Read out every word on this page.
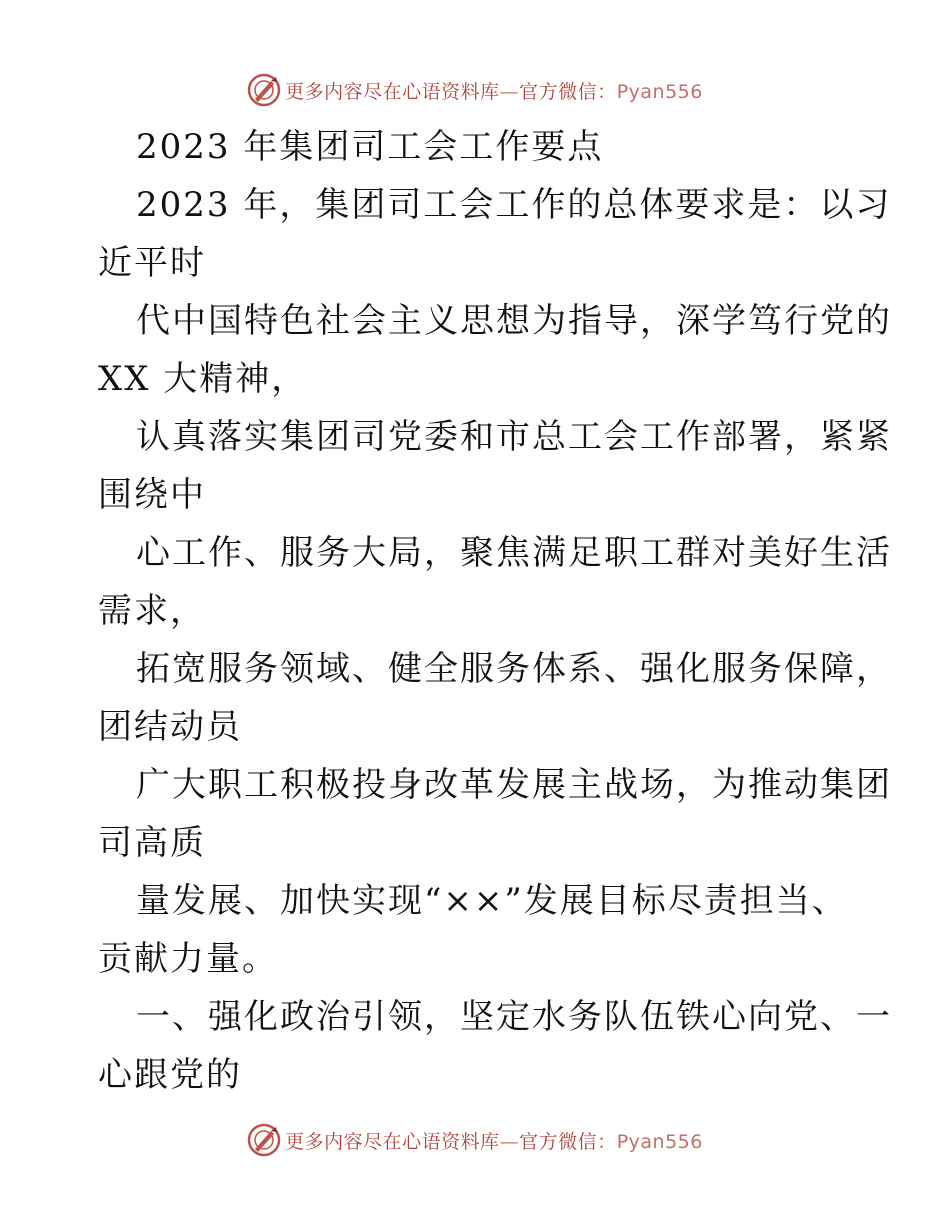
更多内容尽在心语资料库—官方微信：Pyan556
2023 年集团司工会工作要点
2023 年，集团司工会工作的总体要求是：以习
近平时
代中国特色社会主义思想为指导，深学笃行党的
XX 大精神，
认真落实集团司党委和市总工会工作部署，紧紧
围绕中
心工作、服务大局，聚焦满足职工群对美好生活
需求，
拓宽服务领域、健全服务体系、强化服务保障，
团结动员
广大职工积极投身改革发展主战场，为推动集团
司高质
量发展、加快实现“××”发展目标尽责担当、
贡献力量。
一、强化政治引领，坚定水务队伍铁心向党、一
心跟党的
更多内容尽在心语资料库—官方微信：Pyan556
